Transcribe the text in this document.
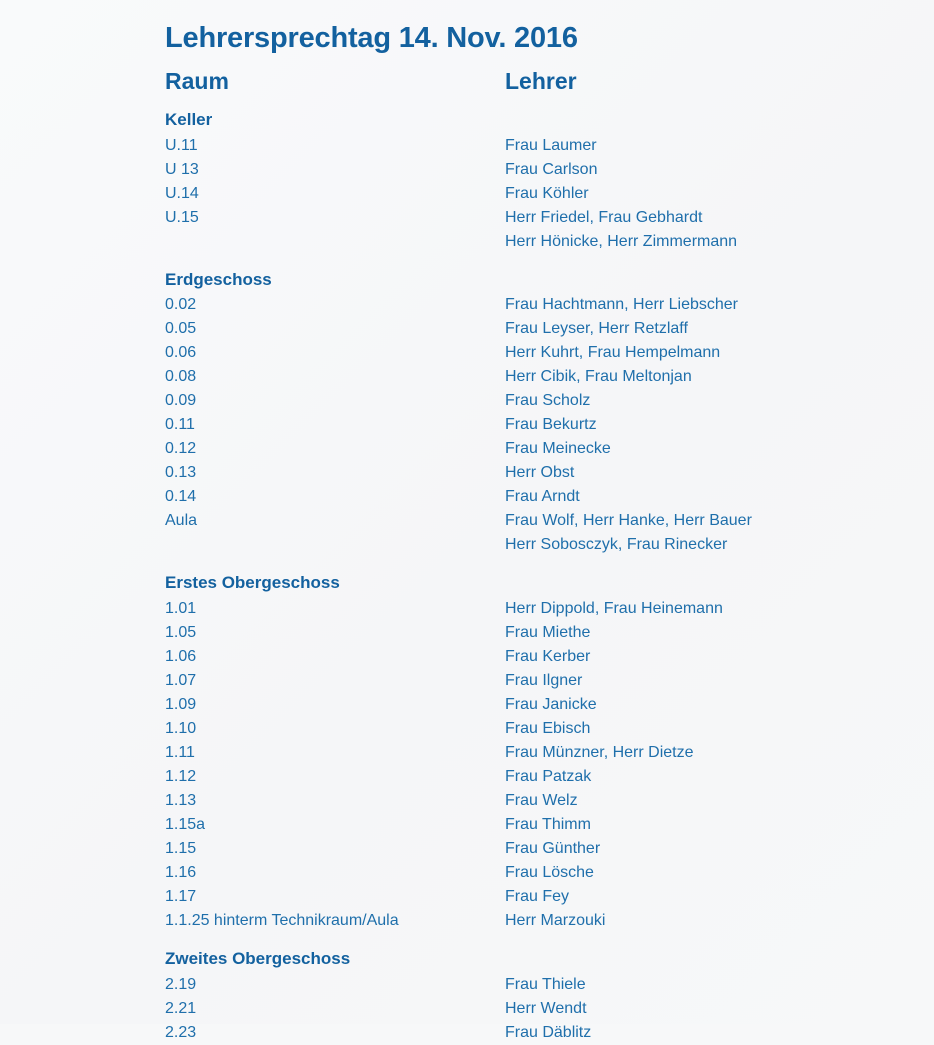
Lehrersprechtag 14. Nov. 2016
Raum	Lehrer
Keller
U.11	Frau Laumer
U 13	Frau Carlson
U.14	Frau Köhler
U.15	Herr Friedel, Frau Gebhardt
Herr Hönicke, Herr Zimmermann
Erdgeschoss
0.02	Frau Hachtmann, Herr Liebscher
0.05	Frau Leyser, Herr Retzlaff
0.06	Herr Kuhrt, Frau Hempelmann
0.08	Herr Cibik, Frau Meltonjan
0.09	Frau Scholz
0.11	Frau Bekurtz
0.12	Frau Meinecke
0.13	Herr Obst
0.14	Frau Arndt
Aula	Frau Wolf, Herr Hanke, Herr Bauer
Herr Sobosczyk, Frau Rinecker
Erstes Obergeschoss
1.01	Herr Dippold, Frau Heinemann
1.05	Frau Miethe
1.06	Frau Kerber
1.07	Frau Ilgner
1.09	Frau Janicke
1.10	Frau Ebisch
1.11	Frau Münzner, Herr Dietze
1.12	Frau Patzak
1.13	Frau Welz
1.15a	Frau Thimm
1.15	Frau Günther
1.16	Frau Lösche
1.17	Frau Fey
1.1.25 hinterm Technikraum/Aula	Herr Marzouki
Zweites Obergeschoss
2.19	Frau Thiele
2.21	Herr Wendt
2.23	Frau Däblitz
